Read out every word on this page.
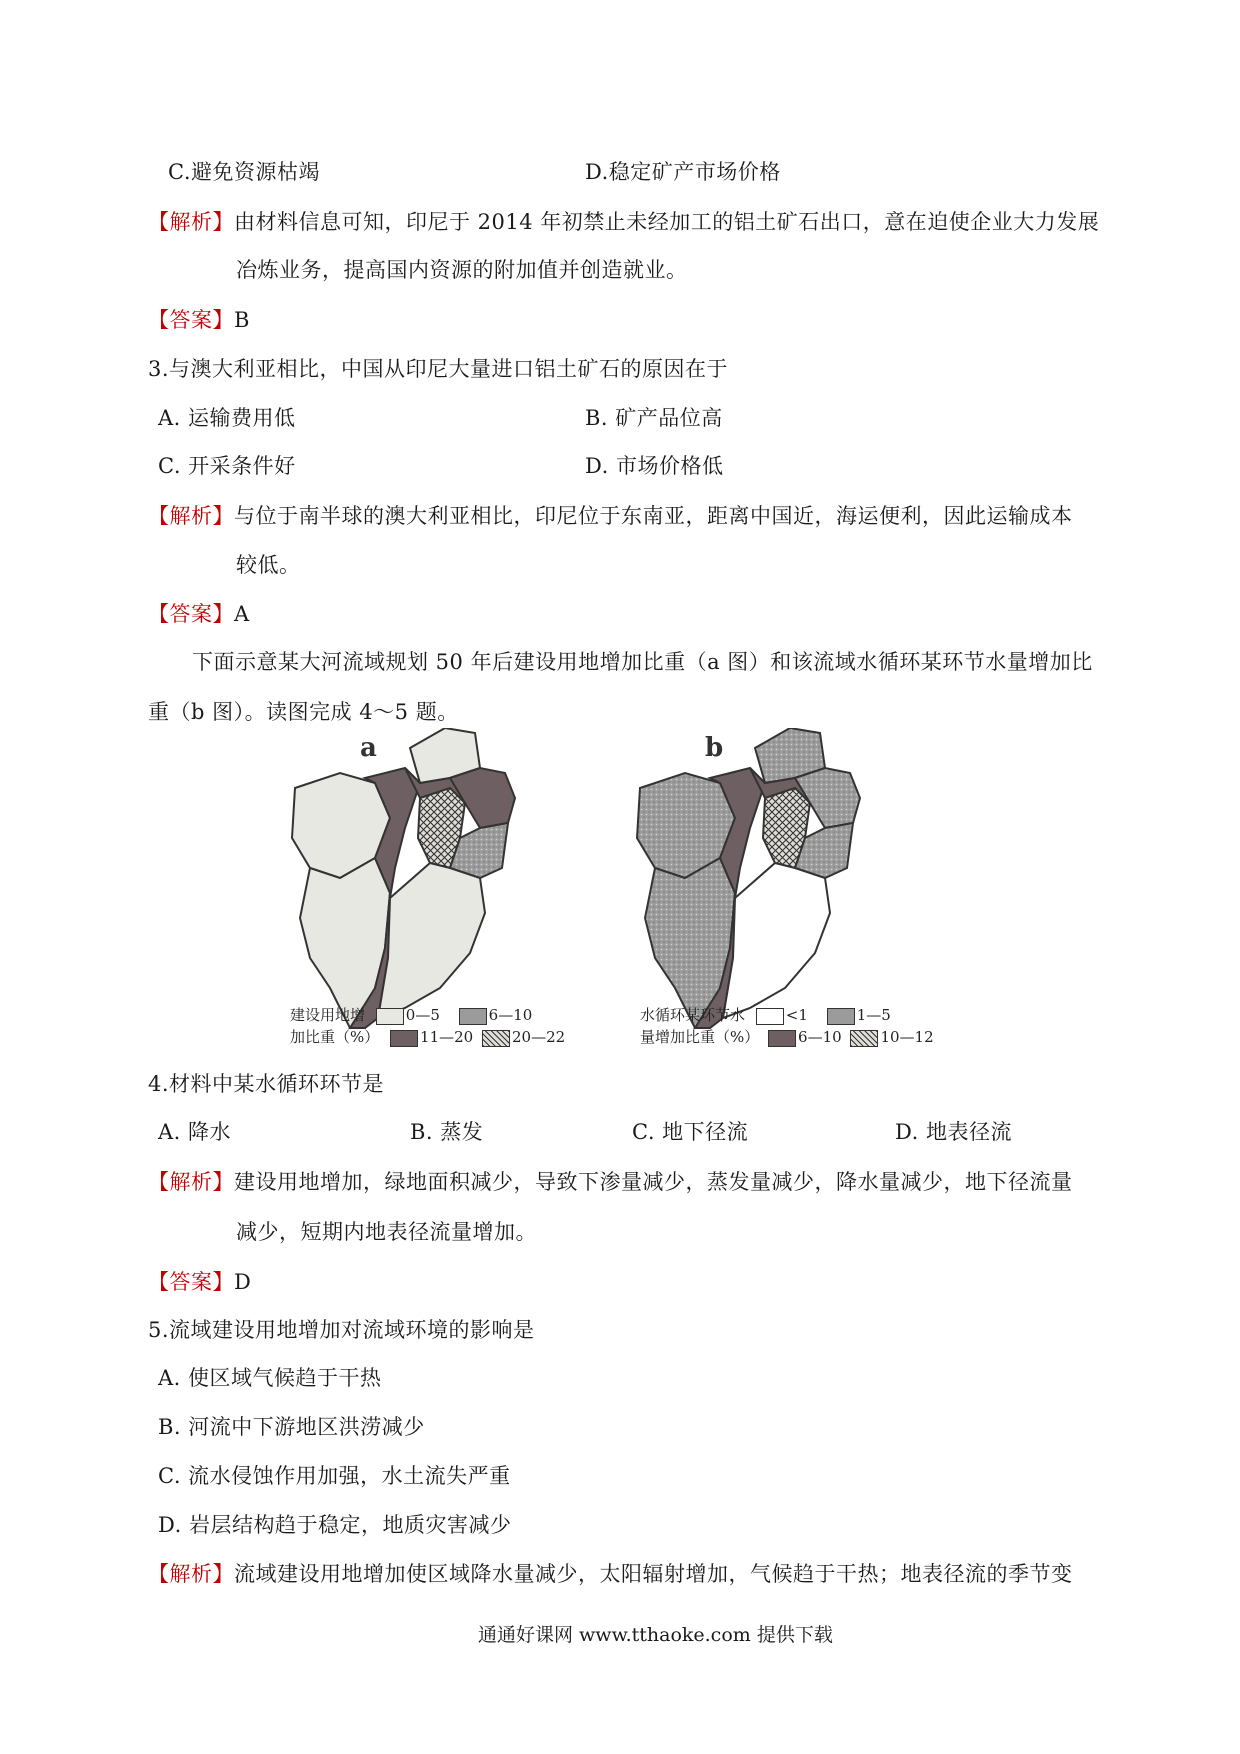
C.避免资源枯竭	D.稳定矿产市场价格
【解析】由材料信息可知，印尼于 2014 年初禁止未经加工的铝土矿石出口，意在迫使企业大力发展
冶炼业务，提高国内资源的附加值并创造就业。
【答案】B
3.与澳大利亚相比，中国从印尼大量进口铝土矿石的原因在于
A. 运输费用低	B. 矿产品位高
C. 开采条件好	D. 市场价格低
【解析】与位于南半球的澳大利亚相比，印尼位于东南亚，距离中国近，海运便利，因此运输成本
较低。
【答案】A
下面示意某大河流域规划 50 年后建设用地增加比重（a 图）和该流域水循环某环节水量增加比
重（b 图）。读图完成 4～5 题。
a	b
建设用地增	0—5	6—10
加比重（%）	11—20	20—22
水循环某环节水	<1	1—5
量增加比重（%）	6—10	10—12
4.材料中某水循环环节是
A. 降水	B. 蒸发	C. 地下径流	D. 地表径流
【解析】建设用地增加，绿地面积减少，导致下渗量减少，蒸发量减少，降水量减少，地下径流量
减少，短期内地表径流量增加。
【答案】D
5.流域建设用地增加对流域环境的影响是
A. 使区域气候趋于干热
B. 河流中下游地区洪涝减少
C. 流水侵蚀作用加强，水土流失严重
D. 岩层结构趋于稳定，地质灾害减少
【解析】流域建设用地增加使区域降水量减少，太阳辐射增加，气候趋于干热；地表径流的季节变
通通好课网 www.tthaoke.com 提供下载
